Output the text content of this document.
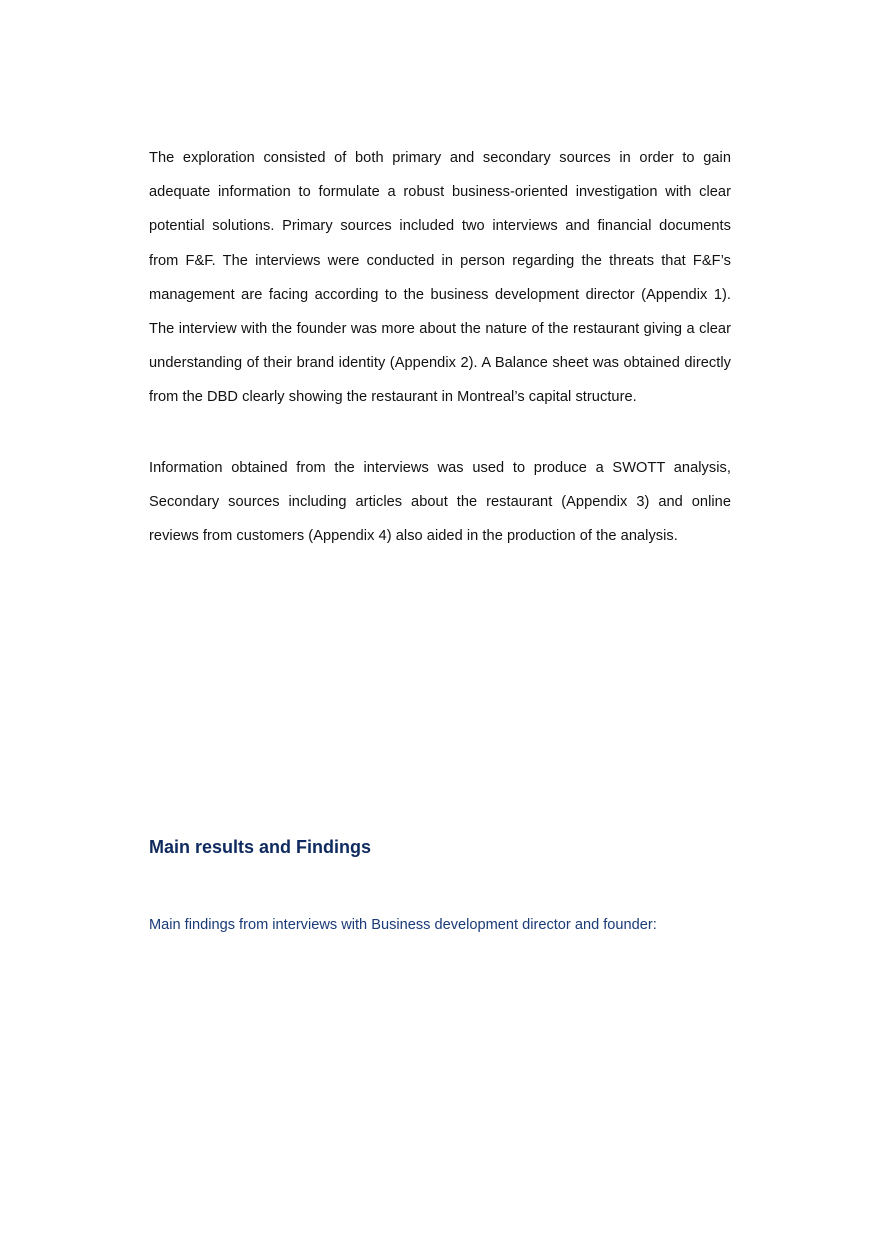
The exploration consisted of both primary and secondary sources in order to gain adequate information to formulate a robust business-oriented investigation with clear potential solutions. Primary sources included two interviews and financial documents from F&F. The interviews were conducted in person regarding the threats that F&F’s management are facing according to the business development director (Appendix 1). The interview with the founder was more about the nature of the restaurant giving a clear understanding of their brand identity (Appendix 2). A Balance sheet was obtained directly from the DBD clearly showing the restaurant in Montreal’s capital structure.

Information obtained from the interviews was used to produce a SWOTT analysis, Secondary sources including articles about the restaurant (Appendix 3) and online reviews from customers (Appendix 4) also aided in the production of the analysis.

Main results and Findings

Main findings from interviews with Business development director and founder:
